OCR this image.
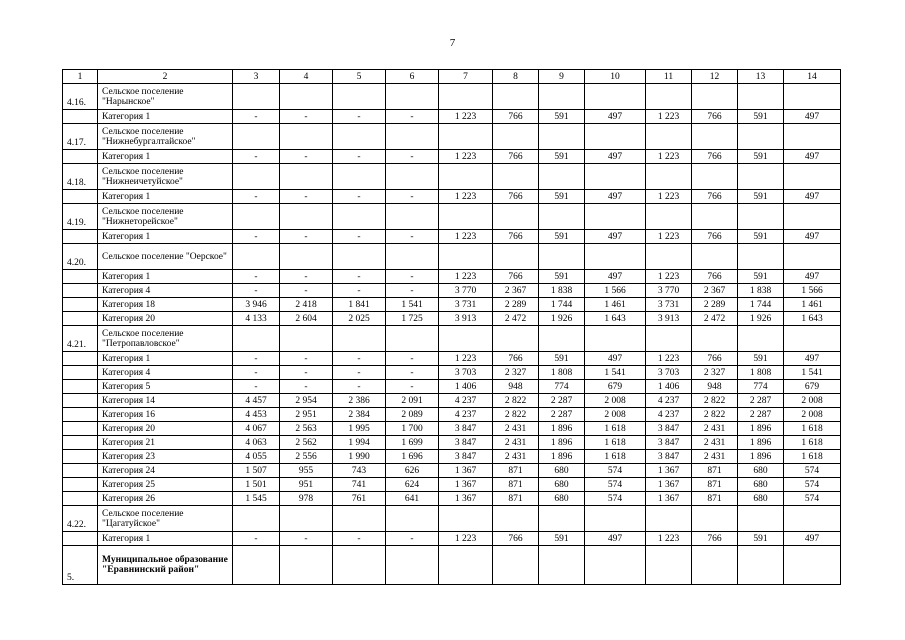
7
1	2	3	4	5	6	7	8	9	10	11	12	13	14
4.16.	Сельское поселение "Нарынское"												
	Категория 1	-	-	-	-	1 223	766	591	497	1 223	766	591	497
4.17.	Сельское поселение "Нижнебургалтайское"												
	Категория 1	-	-	-	-	1 223	766	591	497	1 223	766	591	497
4.18.	Сельское поселение "Нижнеичетуйское"												
	Категория 1	-	-	-	-	1 223	766	591	497	1 223	766	591	497
4.19.	Сельское поселение "Нижнеторейское"												
	Категория 1	-	-	-	-	1 223	766	591	497	1 223	766	591	497
4.20.	Сельское поселение "Оерское"												
	Категория 1	-	-	-	-	1 223	766	591	497	1 223	766	591	497
	Категория 4	-	-	-	-	3 770	2 367	1 838	1 566	3 770	2 367	1 838	1 566
	Категория 18	3 946	2 418	1 841	1 541	3 731	2 289	1 744	1 461	3 731	2 289	1 744	1 461
	Категория 20	4 133	2 604	2 025	1 725	3 913	2 472	1 926	1 643	3 913	2 472	1 926	1 643
4.21.	Сельское поселение "Петропавловское"												
	Категория 1	-	-	-	-	1 223	766	591	497	1 223	766	591	497
	Категория 4	-	-	-	-	3 703	2 327	1 808	1 541	3 703	2 327	1 808	1 541
	Категория 5	-	-	-	-	1 406	948	774	679	1 406	948	774	679
	Категория 14	4 457	2 954	2 386	2 091	4 237	2 822	2 287	2 008	4 237	2 822	2 287	2 008
	Категория 16	4 453	2 951	2 384	2 089	4 237	2 822	2 287	2 008	4 237	2 822	2 287	2 008
	Категория 20	4 067	2 563	1 995	1 700	3 847	2 431	1 896	1 618	3 847	2 431	1 896	1 618
	Категория 21	4 063	2 562	1 994	1 699	3 847	2 431	1 896	1 618	3 847	2 431	1 896	1 618
	Категория 23	4 055	2 556	1 990	1 696	3 847	2 431	1 896	1 618	3 847	2 431	1 896	1 618
	Категория 24	1 507	955	743	626	1 367	871	680	574	1 367	871	680	574
	Категория 25	1 501	951	741	624	1 367	871	680	574	1 367	871	680	574
	Категория 26	1 545	978	761	641	1 367	871	680	574	1 367	871	680	574
4.22.	Сельское поселение "Цагатуйское"												
	Категория 1	-	-	-	-	1 223	766	591	497	1 223	766	591	497
5.	Муниципальное образование "Еравнинский район"												
